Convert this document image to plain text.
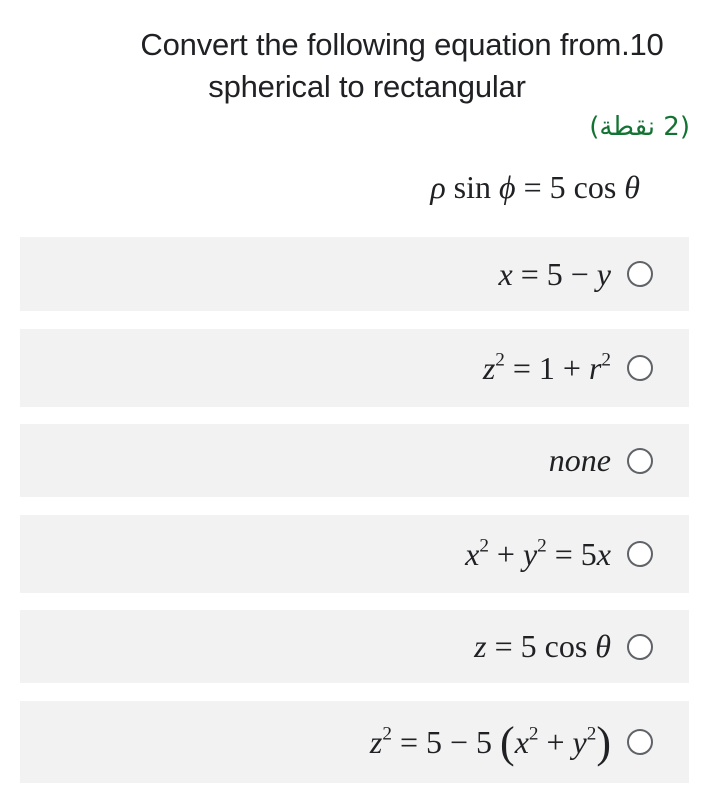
Convert the following equation from.10
spherical to rectangular
(2 نقطة)
ρ sin ϕ = 5 cos θ
x = 5 − y
$z^2 = 1 + r^2$
none
$x^2 + y^2 = 5x$
z = 5 cos θ
$z^2 = 5 - 5$ $(x^2 + y^2)$
